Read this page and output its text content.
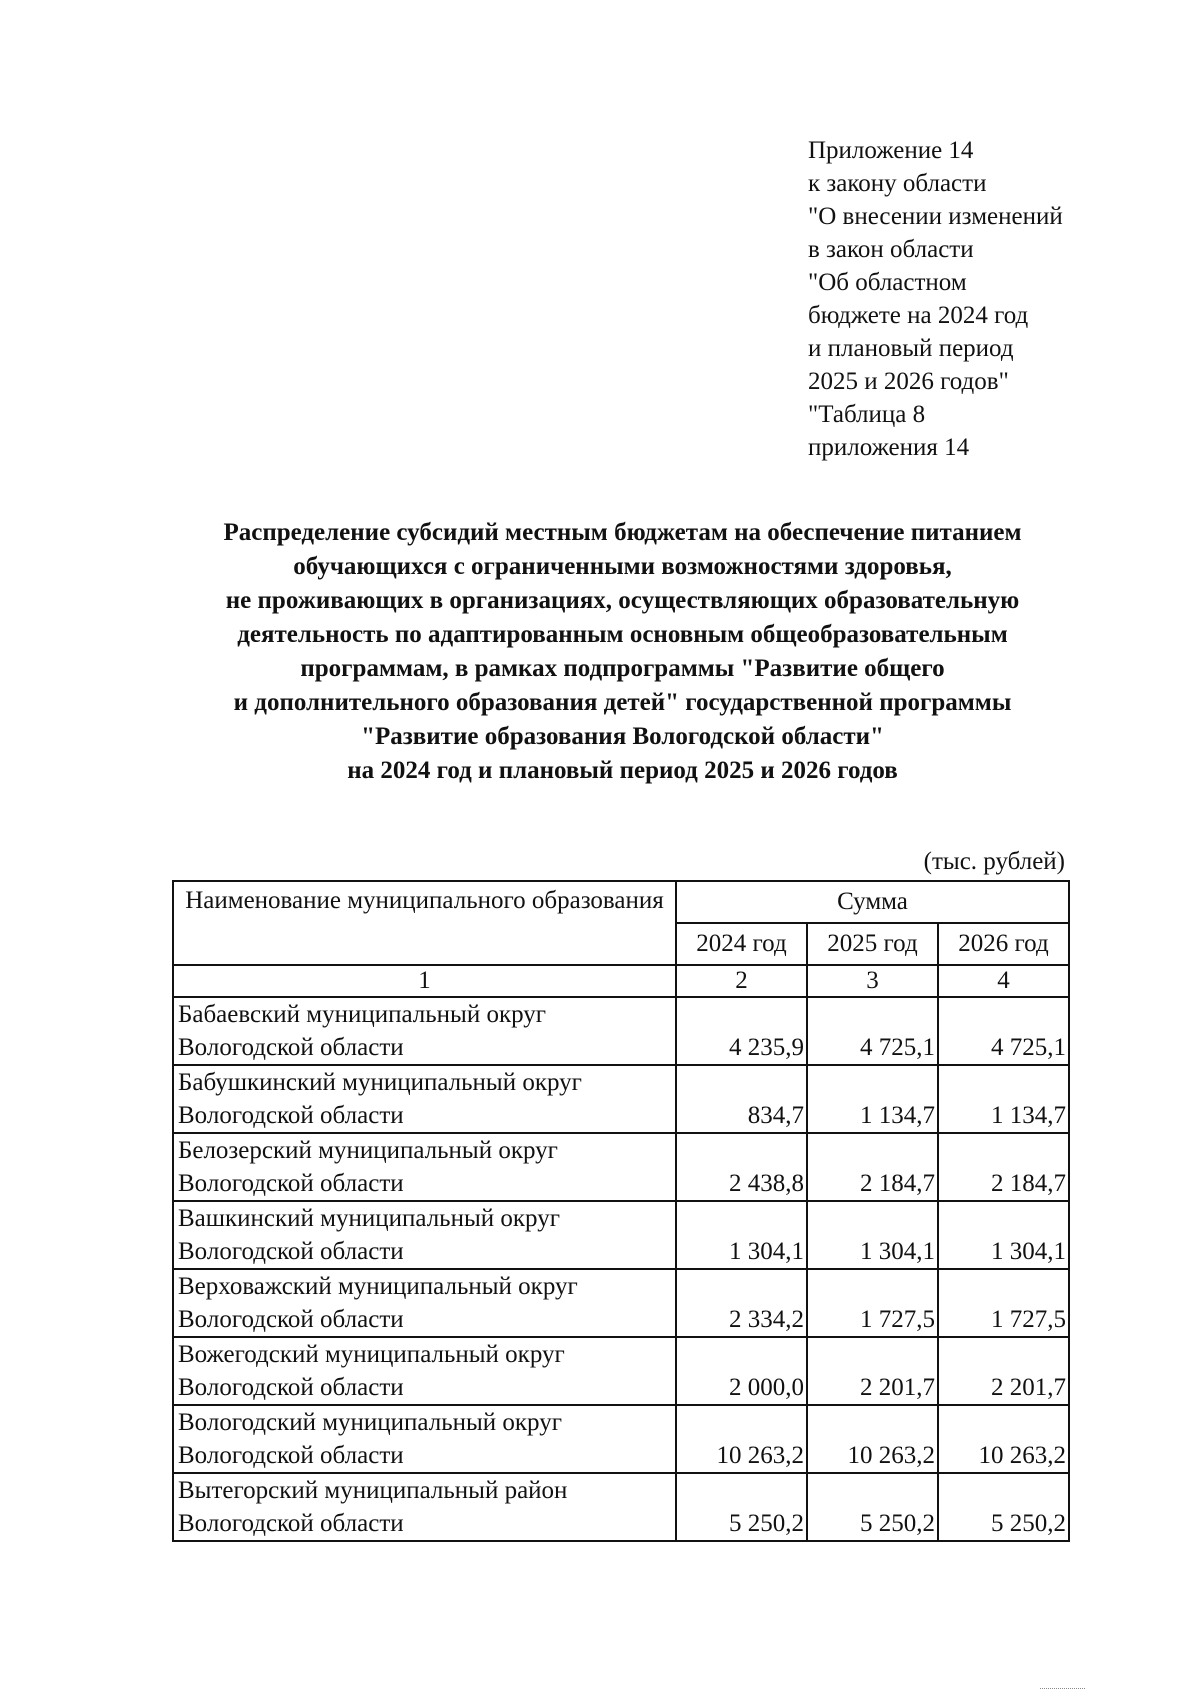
Приложение 14
к закону области
"О внесении изменений
в закон области
"Об областном
бюджете на 2024 год
и плановый период
2025 и 2026 годов"
"Таблица 8
приложения 14
Распределение субсидий местным бюджетам на обеспечение питанием
обучающихся с ограниченными возможностями здоровья,
не проживающих в организациях, осуществляющих образовательную
деятельность по адаптированным основным общеобразовательным
программам, в рамках подпрограммы "Развитие общего
и дополнительного образования детей" государственной программы
"Развитие образования Вологодской области"
на 2024 год и плановый период 2025 и 2026 годов
(тыс. рублей)
Наименование муниципального образования	Сумма		
	2024 год	2025 год	2026 год
1	2	3	4

Бабаевский муниципальный округ
Вологодской области	4 235,9	4 725,1	4 725,1

Бабушкинский муниципальный округ
Вологодской области	834,7	1 134,7	1 134,7

Белозерский муниципальный округ
Вологодской области	2 438,8	2 184,7	2 184,7

Вашкинский муниципальный округ
Вологодской области	1 304,1	1 304,1	1 304,1

Верховажский муниципальный округ
Вологодской области	2 334,2	1 727,5	1 727,5

Вожегодский муниципальный округ
Вологодской области	2 000,0	2 201,7	2 201,7

Вологодский муниципальный округ
Вологодской области	10 263,2	10 263,2	10 263,2

Вытегорский муниципальный район
Вологодской области	5 250,2	5 250,2	5 250,2
